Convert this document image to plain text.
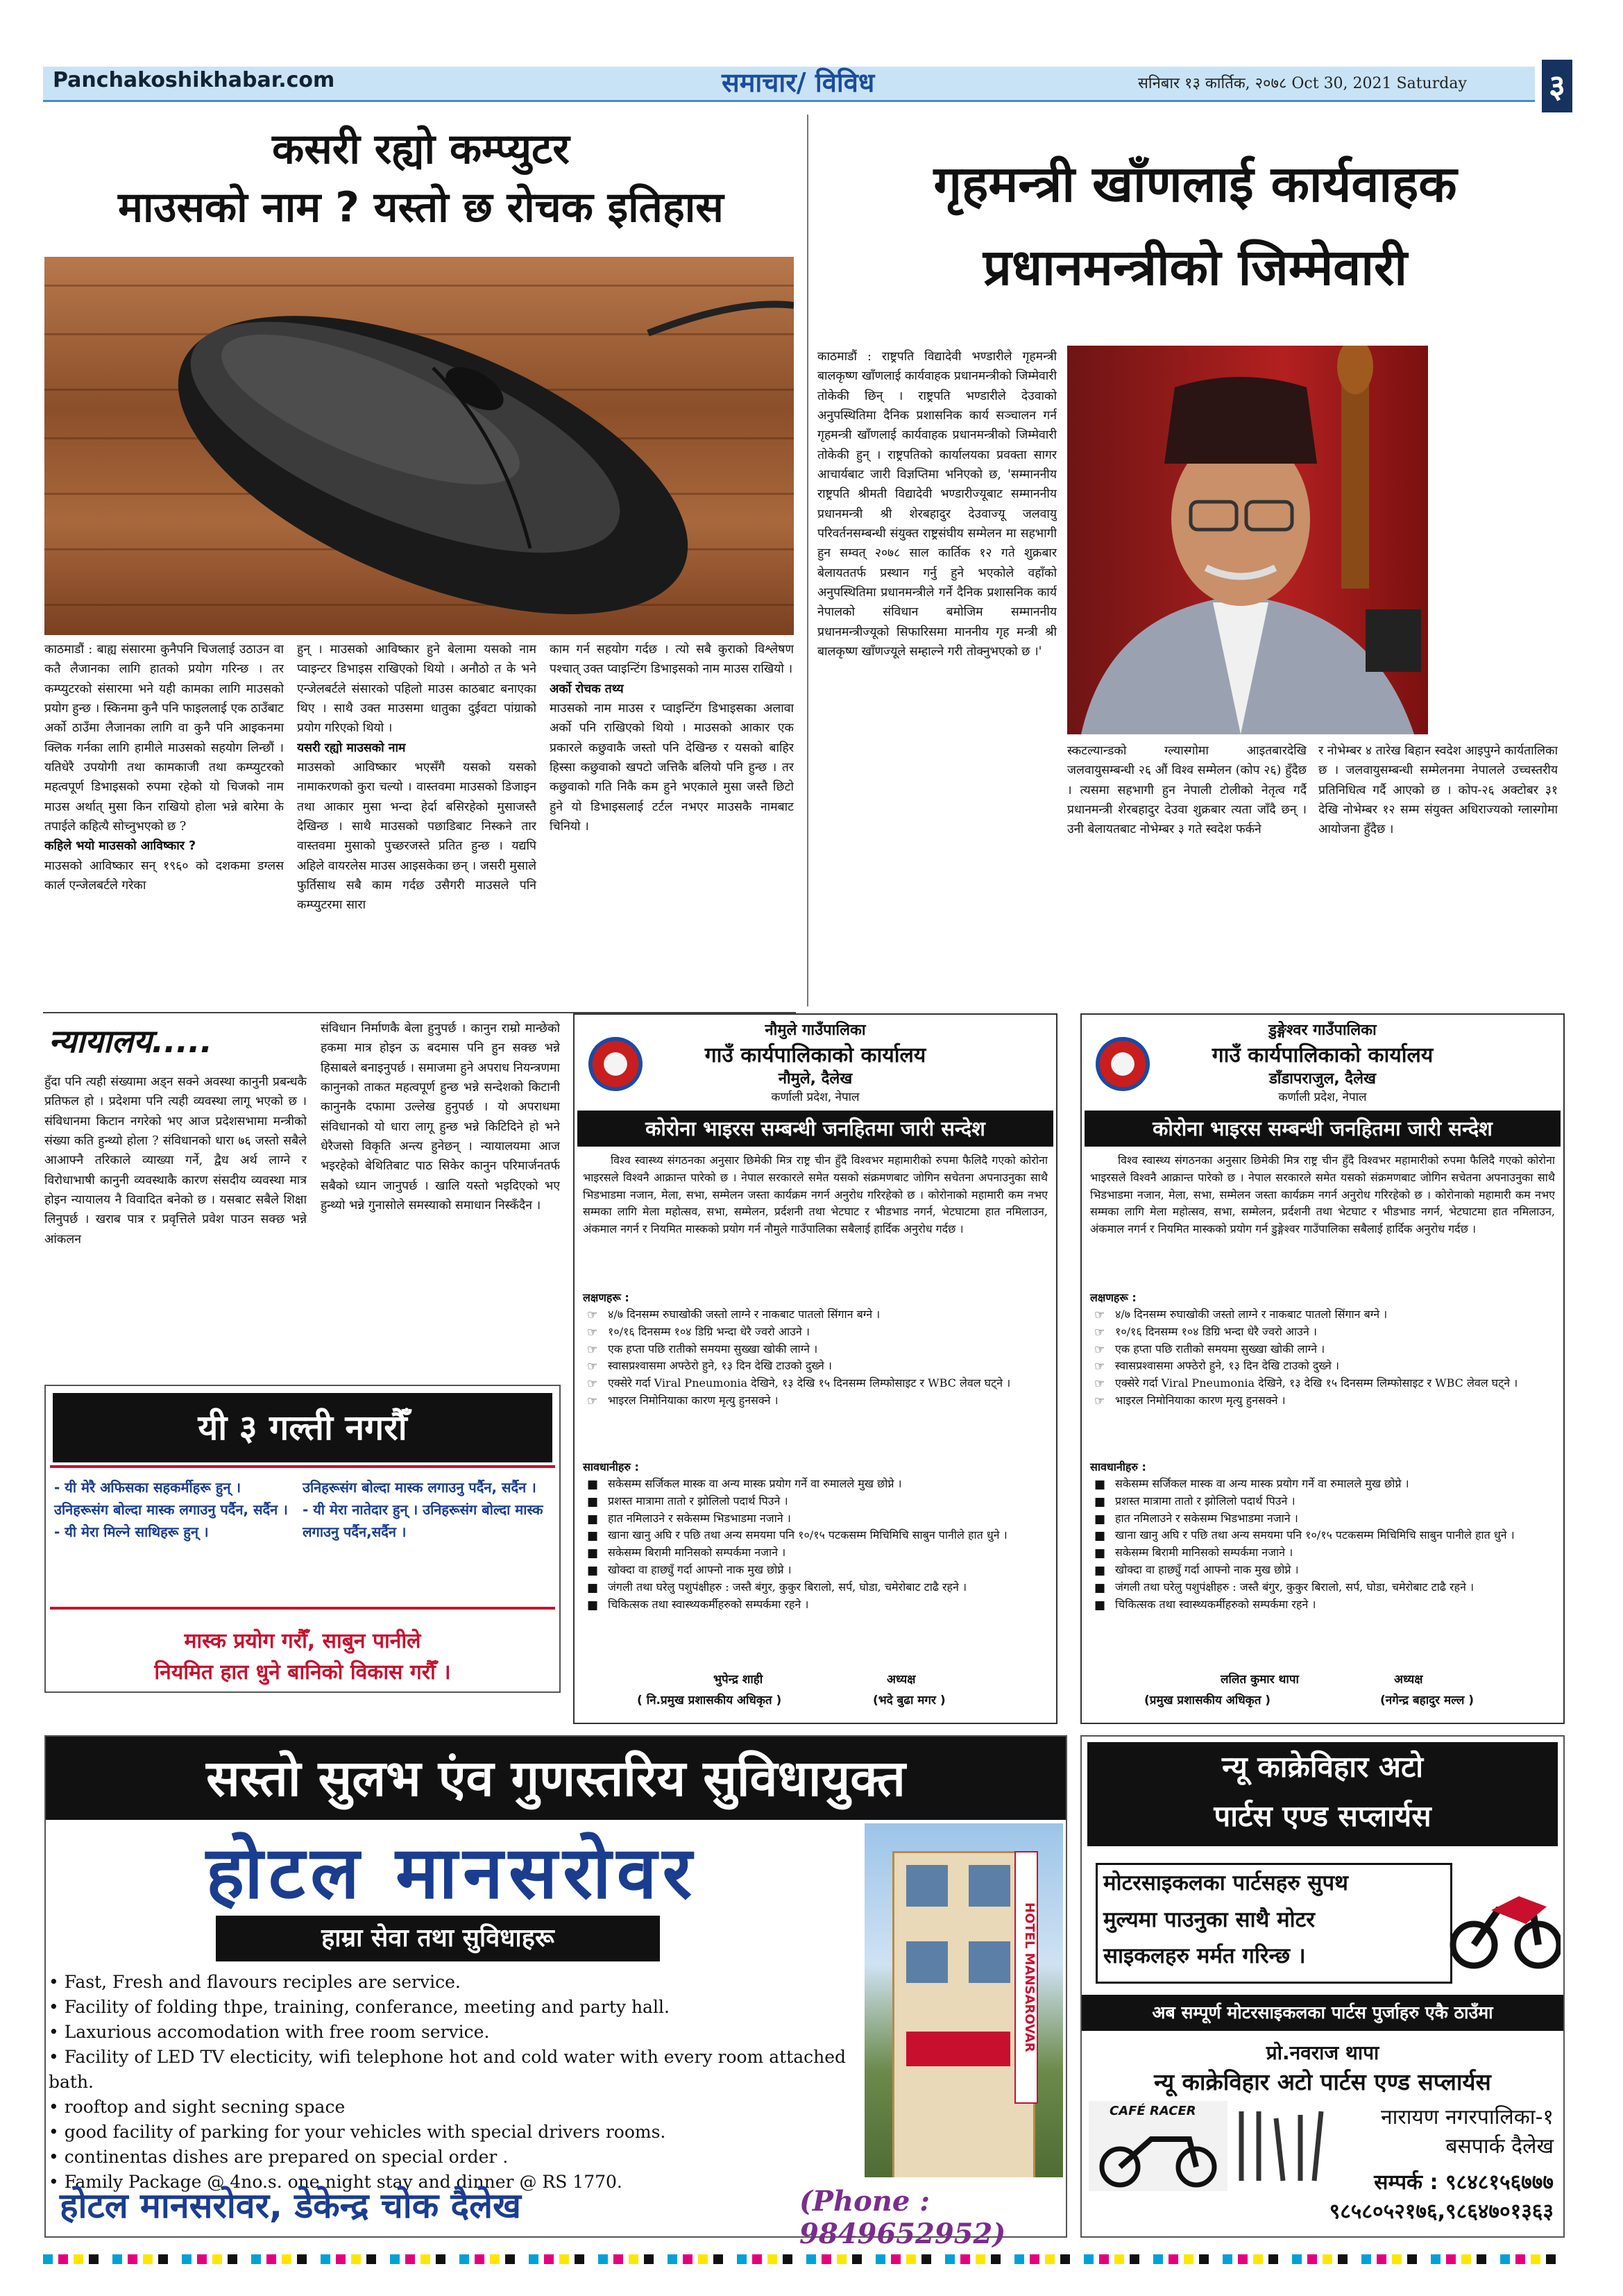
Panchakoshikhabar.com	समाचार/ विविध	सनिबार १३ कार्तिक, २०७८ Oct 30, 2021 Saturday	३
कसरी रह्यो कम्प्युटर
माउसको नाम ? यस्तो छ रोचक इतिहास
काठमाडौं : बाह्य संसारमा कुनैपनि चिजलाई उठाउन वा कतै लैजानका लागि हातको प्रयोग गरिन्छ । तर कम्प्युटरको संसारमा भने यही कामका लागि माउसको प्रयोग हुन्छ । स्किनमा कुनै पनि फाइललाई एक ठाउँबाट अर्को ठाउँमा लैजानका लागि वा कुनै पनि आइकनमा क्लिक गर्नका लागि हामीले माउसको सहयोग लिन्छौं । यतिधेरै उपयोगी तथा कामकाजी तथा कम्प्युटरको महत्वपूर्ण डिभाइसको रुपमा रहेको यो चिजको नाम माउस अर्थात् मुसा किन राखियो होला भन्ने बारेमा के तपाईले कहित्यै सोच्नुभएको छ ?
कहिले भयो माउसको आविष्कार ?
माउसको आविष्कार सन् १९६० को दशकमा डग्लस कार्ल एन्जेलबर्टले गरेका
हुन् । माउसको आविष्कार हुने बेलामा यसको नाम प्वाइन्टर डिभाइस राखिएको थियो । अनौठो त के भने एन्जेलबर्टले संसारको पहिलो माउस काठबाट बनाएका थिए । साथै उक्त माउसमा धातुका दुईवटा पांग्राको प्रयोग गरिएको थियो ।
यसरी रह्यो माउसको नाम
माउसको आविष्कार भएसँगै यसको यसको नामाकरणको कुरा चल्यो । वास्तवमा माउसको डिजाइन तथा आकार मुसा भन्दा हेर्दा बसिरहेको मुसाजस्तै देखिन्छ । साथै माउसको पछाडिबाट निस्कने तार वास्तवमा मुसाको पुच्छरजस्ते प्रतित हुन्छ । यद्यपि अहिले वायरलेस माउस आइसकेका छन् । जसरी मुसाले फुर्तिसाथ सबै काम गर्दछ उसैगरी माउसले पनि कम्प्युटरमा सारा
काम गर्न सहयोग गर्दछ । त्यो सबै कुराको विश्लेषण पश्चात् उक्त प्वाइन्टिंग डिभाइसको नाम माउस राखियो ।
अर्को रोचक तथ्य
माउसको नाम माउस र प्वाइन्टिंग डिभाइसका अलावा अर्को पनि राखिएको थियो । माउसको आकार एक प्रकारले कछुवाकै जस्तो पनि देखिन्छ र यसको बाहिर हिस्सा कछुवाको खपटो जत्तिकै बलियो पनि हुन्छ । तर कछुवाको गति निकै कम हुने भएकाले मुसा जस्तै छिटो हुने यो डिभाइसलाई टर्टल नभएर माउसकै नामबाट चिनियो ।
गृहमन्त्री खाँणलाई कार्यवाहक
प्रधानमन्त्रीको जिम्मेवारी
काठमाडौं : राष्ट्रपति विद्यादेवी भण्डारीले गृहमन्त्री बालकृष्ण खाँणलाई कार्यवाहक प्रधानमन्त्रीको जिम्मेवारी तोकेकी छिन् । राष्ट्रपति भण्डारीले देउवाको अनुपस्थितिमा दैनिक प्रशासनिक कार्य सञ्चालन गर्न गृहमन्त्री खाँणलाई कार्यवाहक प्रधानमन्त्रीको जिम्मेवारी तोकेकी हुन् । राष्ट्रपतिको कार्यालयका प्रवक्ता सागर आचार्यबाट जारी विज्ञप्तिमा भनिएको छ, 'सम्माननीय राष्ट्रपति श्रीमती विद्यादेवी भण्डारीज्यूबाट सम्माननीय प्रधानमन्त्री श्री शेरबहादुर देउवाज्यू जलवायु परिवर्तनसम्बन्धी संयुक्त राष्ट्रसंघीय सम्मेलन मा सहभागी हुन सम्वत् २०७८ साल कार्तिक १२ गते शुक्रबार बेलायततर्फ प्रस्थान गर्नु हुने भएकोले वहाँको अनुपस्थितिमा प्रधानमन्त्रीले गर्ने दैनिक प्रशासनिक कार्य नेपालको संविधान बमोजिम सम्माननीय प्रधानमन्त्रीज्यूको सिफारिसमा माननीय गृह मन्त्री श्री बालकृष्ण खाँणज्यूले सम्हाल्ने गरी तोक्नुभएको छ ।'
स्कटल्यान्डको ग्ल्यास्गोमा आइतबारदेखि जलवायुसम्बन्धी २६ औं विश्व सम्मेलन (कोप २६) हुँदैछ । त्यसमा सहभागी हुन नेपाली टोलीको नेतृत्व गर्दै प्रधानमन्त्री शेरबहादुर देउवा शुक्रबार त्यता जाँदै छन् । उनी बेलायतबाट नोभेम्बर ३ गते स्वदेश फर्कने
र नोभेम्बर ४ तारेख बिहान स्वदेश आइपुग्ने कार्यतालिका छ । जलवायुसम्बन्धी सम्मेलनमा नेपालले उच्चस्तरीय प्रतिनिधित्व गर्दै आएको छ । कोप-२६ अक्टोबर ३१ देखि नोभेम्बर १२ सम्म संयुक्त अधिराज्यको ग्लास्गोमा आयोजना हुँदैछ ।
न्यायालय.....
हुँदा पनि त्यही संख्यामा अड्न सक्ने अवस्था कानुनी प्रबन्धकै प्रतिफल हो । प्रदेशमा पनि त्यही व्यवस्था लागू भएको छ । संविधानमा किटान नगरेको भए आज प्रदेशसभामा मन्त्रीको संख्या कति हुन्थ्यो होला ? संविधानको धारा ७६ जस्तो सबैले आआफ्नै तरिकाले व्याख्या गर्ने, द्वैध अर्थ लाग्ने र विरोधाभाषी कानुनी व्यवस्थाकै कारण संसदीय व्यवस्था मात्र होइन न्यायालय नै विवादित बनेको छ । यसबाट सबैले शिक्षा लिनुपर्छ । खराब पात्र र प्रवृत्तिले प्रवेश पाउन सक्छ भन्ने आंकलन
संविधान निर्माणकै बेला हुनुपर्छ । कानुन राम्रो मान्छेको हकमा मात्र होइन ऊ बदमास पनि हुन सक्छ भन्ने हिसाबले बनाइनुपर्छ । समाजमा हुने अपराध नियन्त्रणमा कानुनको ताकत महत्वपूर्ण हुन्छ भन्ने सन्देशको किटानी कानुनकै दफामा उल्लेख हुनुपर्छ । यो अपराधमा संविधानको यो धारा लागू हुन्छ भन्ने किटिदिने हो भने धेरैजसो विकृति अन्त्य हुनेछन् । न्यायालयमा आज भइरहेको बेथितिबाट पाठ सिकेर कानुन परिमार्जनतर्फ सबैको ध्यान जानुपर्छ । खालि यस्तो भइदिएको भए हुन्थ्यो भन्ने गुनासोले समस्याको समाधान निस्कँदैन ।
यी ३ गल्ती नगरौँ
- यी मेरै अफिसका सहकर्मीहरू हुन् । उनिहरूसंग बोल्दा मास्क लगाउनु पर्दैन, सर्दैन ।
- यी मेरा मिल्ने साथिहरू हुन् ।
उनिहरूसंग बोल्दा मास्क लगाउनु पर्दैन, सर्दैन ।
- यी मेरा नातेदार हुन् । उनिहरूसंग बोल्दा मास्क लगाउनु पर्दैन,सर्दैन ।
मास्क प्रयोग गरौँ, साबुन पानीले
नियमित हात धुने बानिको विकास गरौँ ।
नौमुले गाउँपालिका
गाउँ कार्यपालिकाको कार्यालय
नौमुले, दैलेख
कर्णाली प्रदेश, नेपाल
कोरोना भाइरस सम्बन्धी जनहितमा जारी सन्देश
विश्व स्वास्थ्य संगठनका अनुसार छिमेकी मित्र राष्ट्र चीन हुँदै विश्वभर महामारीको रुपमा फैलिदै गएको कोरोना भाइरसले विश्वनै आक्रान्त पारेको छ । नेपाल सरकारले समेत यसको संक्रमणबाट जोगिन सचेतना अपनाउनुका साथै भिडभाडमा नजान, मेला, सभा, सम्मेलन जस्ता कार्यक्रम नगर्न अनुरोध गरिरहेको छ । कोरोनाको महामारी कम नभए सम्मका लागि मेला महोत्सव, सभा, सम्मेलन, प्रर्दशनी तथा भेटघाट र भीडभाड नगर्न, भेटघाटमा हात नमिलाउन, अंकमाल नगर्न र नियमित मास्कको प्रयोग गर्न नौमुले गाउँपालिका सबैलाई हार्दिक अनुरोध गर्दछ ।
लक्षणहरू :
☞ ४/७ दिनसम्म रुघाखोकी जस्तो लाग्ने र नाकबाट पातलो सिंगान बग्ने ।
☞ १०/१६ दिनसम्म १०४ डिग्रि भन्दा धेरै ज्वरो आउने ।
☞ एक हप्ता पछि रातीको समयमा सुख्खा खोकी लाग्ने ।
☞ स्वासप्रश्वासमा अफ्ठेरो हुने, १३ दिन देखि टाउको दुख्ने ।
☞ एक्सेरे गर्दा Viral Pneumonia देखिने, १३ देखि १५ दिनसम्म लिम्फोसाइट र WBC लेवल घट्ने ।
☞ भाइरल निमोनियाका कारण मृत्यु हुनसक्ने ।
सावधानीहरु :
■ सकेसम्म सर्जिकल मास्क वा अन्य मास्क प्रयोग गर्ने वा रुमालले मुख छोप्ने ।
■ प्रशस्त मात्रामा तातो र झोलिलो पदार्थ पिउने ।
■ हात नमिलाउने र सकेसम्म भिडभाडमा नजाने ।
■ खाना खानु अघि र पछि तथा अन्य समयमा पनि १०/१५ पटकसम्म मिचिमिचि साबुन पानीले हात धुने ।
■ सकेसम्म बिरामी मानिसको सम्पर्कमा नजाने ।
■ खोक्दा वा हाछ्युँ गर्दा आफ्नो नाक मुख छोप्ने ।
■ जंगली तथा घरेलु पशुपंक्षीहरु : जस्तै बंगुर, कुकुर बिरालो, सर्प, घोडा, चमेरोबाट टाढै रहने ।
■ चिकित्सक तथा स्वास्थ्यकर्मीहरुको सम्पर्कमा रहने ।
भुपेन्द्र शाही	अध्यक्ष
( नि.प्रमुख प्रशासकीय अधिकृत )	(भदे बुढा मगर )
डुङ्गेश्वर गाउँपालिका
गाउँ कार्यपालिकाको कार्यालय
डाँडापराजुल, दैलेख
कर्णाली प्रदेश, नेपाल
कोरोना भाइरस सम्बन्धी जनहितमा जारी सन्देश
विश्व स्वास्थ्य संगठनका अनुसार छिमेकी मित्र राष्ट्र चीन हुँदै विश्वभर महामारीको रुपमा फैलिदै गएको कोरोना भाइरसले विश्वनै आक्रान्त पारेको छ । नेपाल सरकारले समेत यसको संक्रमणबाट जोगिन सचेतना अपनाउनुका साथै भिडभाडमा नजान, मेला, सभा, सम्मेलन जस्ता कार्यक्रम नगर्न अनुरोध गरिरहेको छ । कोरोनाको महामारी कम नभए सम्मका लागि मेला महोत्सव, सभा, सम्मेलन, प्रर्दशनी तथा भेटघाट र भीडभाड नगर्न, भेटघाटमा हात नमिलाउन, अंकमाल नगर्न र नियमित मास्कको प्रयोग गर्न डुङ्गेश्वर गाउँपालिका सबैलाई हार्दिक अनुरोध गर्दछ ।
लक्षणहरू :
☞ ४/७ दिनसम्म रुघाखोकी जस्तो लाग्ने र नाकबाट पातलो सिंगान बग्ने ।
☞ १०/१६ दिनसम्म १०४ डिग्रि भन्दा धेरै ज्वरो आउने ।
☞ एक हप्ता पछि रातीको समयमा सुख्खा खोकी लाग्ने ।
☞ स्वासप्रश्वासमा अफ्ठेरो हुने, १३ दिन देखि टाउको दुख्ने ।
☞ एक्सेरे गर्दा Viral Pneumonia देखिने, १३ देखि १५ दिनसम्म लिम्फोसाइट र WBC लेवल घट्ने ।
☞ भाइरल निमोनियाका कारण मृत्यु हुनसक्ने ।
सावधानीहरु :
■ सकेसम्म सर्जिकल मास्क वा अन्य मास्क प्रयोग गर्ने वा रुमालले मुख छोप्ने ।
■ प्रशस्त मात्रामा तातो र झोलिलो पदार्थ पिउने ।
■ हात नमिलाउने र सकेसम्म भिडभाडमा नजाने ।
■ खाना खानु अघि र पछि तथा अन्य समयमा पनि १०/१५ पटकसम्म मिचिमिचि साबुन पानीले हात धुने ।
■ सकेसम्म बिरामी मानिसको सम्पर्कमा नजाने ।
■ खोक्दा वा हाछ्युँ गर्दा आफ्नो नाक मुख छोप्ने ।
■ जंगली तथा घरेलु पशुपंक्षीहरु : जस्तै बंगुर, कुकुर बिरालो, सर्प, घोडा, चमेरोबाट टाढै रहने ।
■ चिकित्सक तथा स्वास्थ्यकर्मीहरुको सम्पर्कमा रहने ।
ललित कुमार थापा	अध्यक्ष
(प्रमुख प्रशासकीय अधिकृत )	(नगेन्द्र बहादुर मल्ल )
सस्तो सुलभ एंव गुणस्तरिय सुविधायुक्त
होटल मानसरोवर
हाम्रा सेवा तथा सुविधाहरू
• Fast, Fresh and flavours reciples are service.
• Facility of folding thpe, training, conferance, meeting and party hall.
• Laxurious accomodation with free room service.
• Facility of LED TV electicity, wifi telephone hot and cold water with every room attached bath.
• rooftop and sight secning space
• good facility of parking for your vehicles with special drivers rooms.
• continentas dishes are prepared on special order .
• Family Package @ 4no.s. one night stay and dinner @ RS 1770.
HOTEL MANSAROVAR
होटल मानसरोवर, डेकेन्द्र चोक दैलेख	(Phone : 9849652952)
न्यू काक्रेविहार अटो
पार्टस एण्ड सप्लार्यस
मोटरसाइकलका पार्टसहरु सुपथ
मुल्यमा पाउनुका साथै मोटर
साइकलहरु मर्मत गरिन्छ ।
अब सम्पूर्ण मोटरसाइकलका पार्टस पुर्जाहरु एकै ठाउँमा
प्रो.नवराज थापा
न्यू काक्रेविहार अटो पार्टस एण्ड सप्लार्यस
CAFÉ RACER	नारायण नगरपालिका-१
बसपार्क दैलेख
सम्पर्क : ९८४८१५६७७७
९८५८०५२१७६,९८६४७०१३६३
